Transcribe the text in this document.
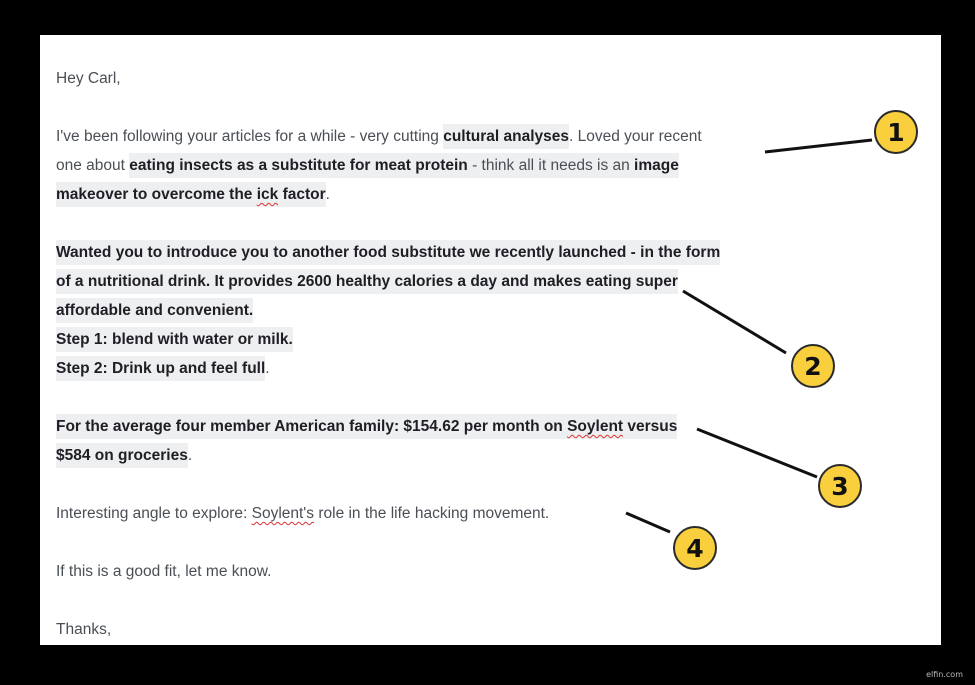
Hey Carl,
I've been following your articles for a while - very cutting cultural analyses. Loved your recent
one about eating insects as a substitute for meat protein - think all it needs is an image
makeover to overcome the ick factor.
Wanted you to introduce you to another food substitute we recently launched - in the form
of a nutritional drink. It provides 2600 healthy calories a day and makes eating super
affordable and convenient.
Step 1: blend with water or milk.
Step 2: Drink up and feel full.
For the average four member American family: $154.62 per month on Soylent versus
$584 on groceries.
Interesting angle to explore: Soylent's role in the life hacking movement.
If this is a good fit, let me know.
Thanks,
1
2
3
4
elfin.com
